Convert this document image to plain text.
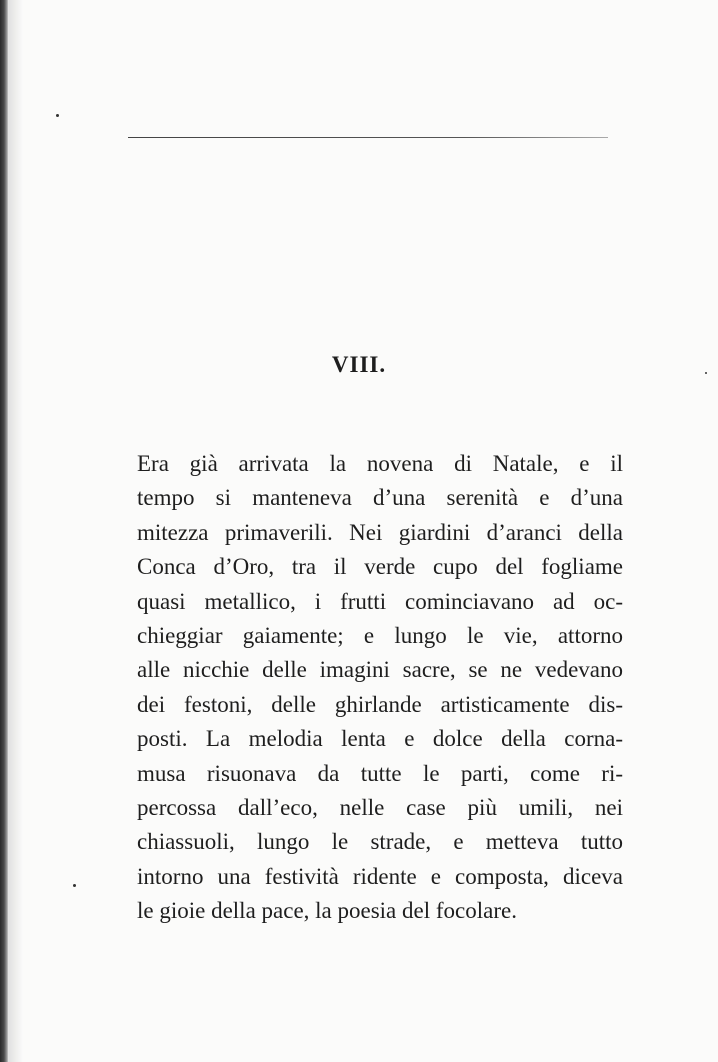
VIII.
Era già arrivata la novena di Natale, e il
tempo si manteneva d’una serenità e d’una
mitezza primaverili. Nei giardini d’aranci della
Conca d’Oro, tra il verde cupo del fogliame
quasi metallico, i frutti cominciavano ad oc-
chieggiar gaiamente; e lungo le vie, attorno
alle nicchie delle imagini sacre, se ne vedevano
dei festoni, delle ghirlande artisticamente dis-
posti. La melodia lenta e dolce della corna-
musa risuonava da tutte le parti, come ri-
percossa dall’eco, nelle case più umili, nei
chiassuoli, lungo le strade, e metteva tutto
intorno una festività ridente e composta, diceva
le gioie della pace, la poesia del focolare.
